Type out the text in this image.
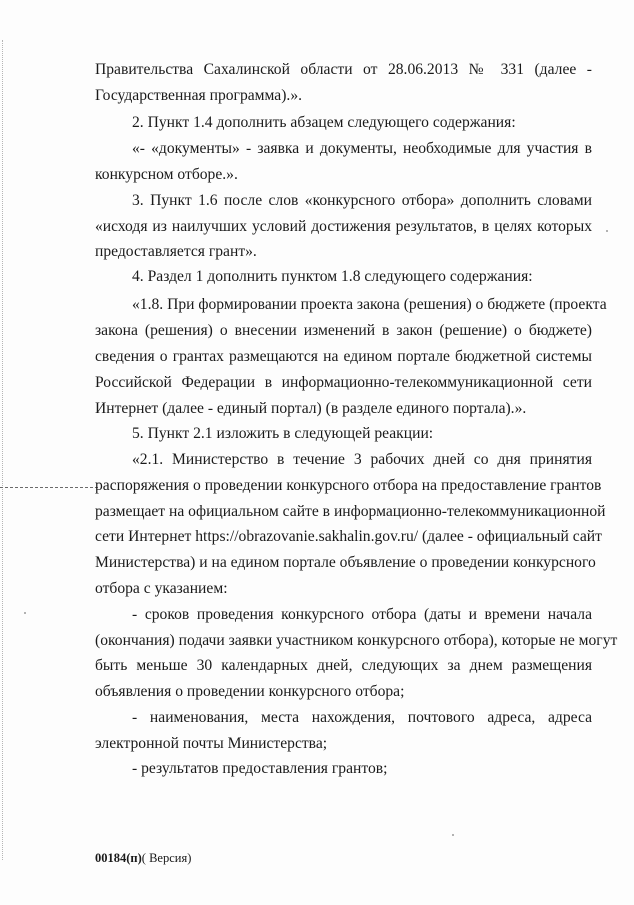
Правительства Сахалинской области от 28.06.2013 № 331 (далее -
Государственная программа).».
2. Пункт 1.4 дополнить абзацем следующего содержания:
«- «документы» - заявка и документы, необходимые для участия в
конкурсном отборе.».
3. Пункт 1.6 после слов «конкурсного отбора» дополнить словами
«исходя из наилучших условий достижения результатов, в целях которых
предоставляется грант».
4. Раздел 1 дополнить пунктом 1.8 следующего содержания:
«1.8. При формировании проекта закона (решения) о бюджете (проекта
закона (решения) о внесении изменений в закон (решение) о бюджете)
сведения о грантах размещаются на едином портале бюджетной системы
Российской Федерации в информационно-телекоммуникационной сети
Интернет (далее - единый портал) (в разделе единого портала).».
5. Пункт 2.1 изложить в следующей реакции:
«2.1. Министерство в течение 3 рабочих дней со дня принятия
распоряжения о проведении конкурсного отбора на предоставление грантов
размещает на официальном сайте в информационно-телекоммуникационной
сети Интернет https://obrazovanie.sakhalin.gov.ru/ (далее - официальный сайт
Министерства) и на едином портале объявление о проведении конкурсного
отбора с указанием:
- сроков проведения конкурсного отбора (даты и времени начала
(окончания) подачи заявки участником конкурсного отбора), которые не могут
быть меньше 30 календарных дней, следующих за днем размещения
объявления о проведении конкурсного отбора;
- наименования, места нахождения, почтового адреса, адреса
электронной почты Министерства;
- результатов предоставления грантов;
00184(п)( Версия)
